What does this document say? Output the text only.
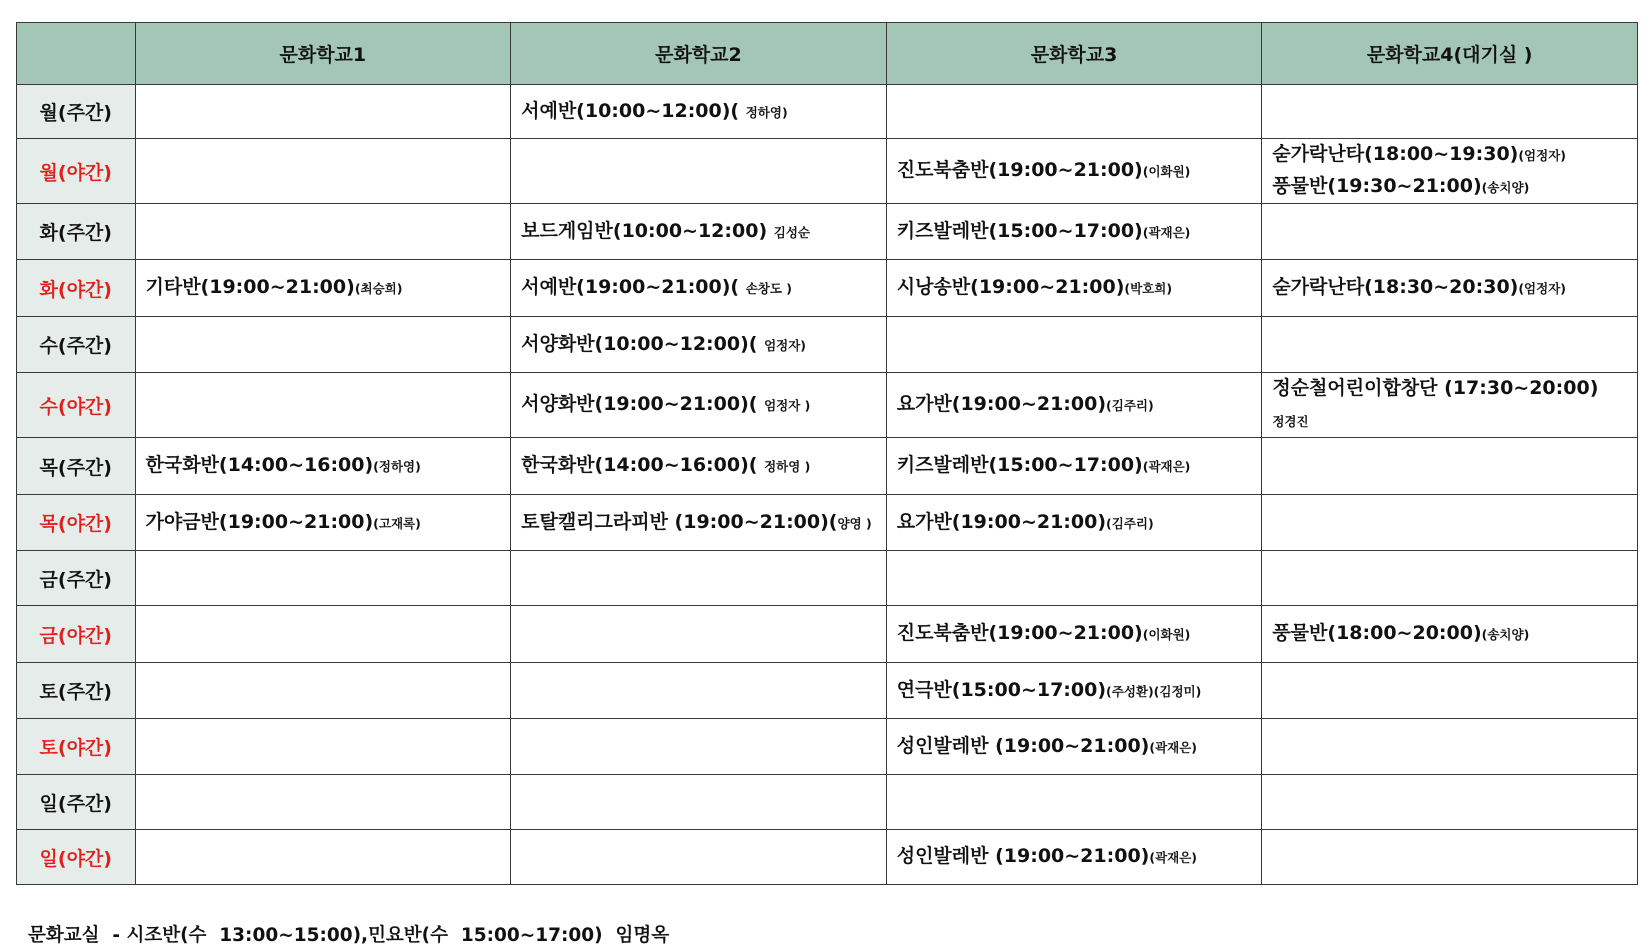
	문화학교1	문화학교2	문화학교3	문화학교4(대기실 )
월(주간)		서예반(10:00~12:00)( 정하영)		

월(야간)			진도북춤반(19:00~21:00)(이화원)	숟가락난타(18:00~19:30)(엄정자)
풍물반(19:30~21:00)(송치양)

화(주간)		보드게임반(10:00~12:00) 김성순	키즈발레반(15:00~17:00)(곽재은)	

화(야간)	기타반(19:00~21:00)(최승희)	서예반(19:00~21:00)( 손창도 )	시낭송반(19:00~21:00)(박호희)	숟가락난타(18:30~20:30)(엄정자)

수(주간)		서양화반(10:00~12:00)( 엄정자)		

수(야간)		서양화반(19:00~21:00)( 엄정자 )	요가반(19:00~21:00)(김주리)	정순철어린이합창단 (17:30~20:00)
정경진

목(주간)	한국화반(14:00~16:00)(정하영)	한국화반(14:00~16:00)( 정하영 )	키즈발레반(15:00~17:00)(곽재은)	

목(야간)	가야금반(19:00~21:00)(고재록)	토탈캘리그라피반 (19:00~21:00)(양영 )	요가반(19:00~21:00)(김주리)	

금(주간)				
금(야간)			진도북춤반(19:00~21:00)(이화원)	풍물반(18:00~20:00)(송치양)

토(주간)			연극반(15:00~17:00)(주성환)(김정미)	

토(야간)			성인발레반 (19:00~21:00)(곽재은)	

일(주간)				
일(야간)			성인발레반 (19:00~21:00)(곽재은)	

문화교실  - 시조반(수  13:00~15:00),민요반(수  15:00~17:00)  임명옥
